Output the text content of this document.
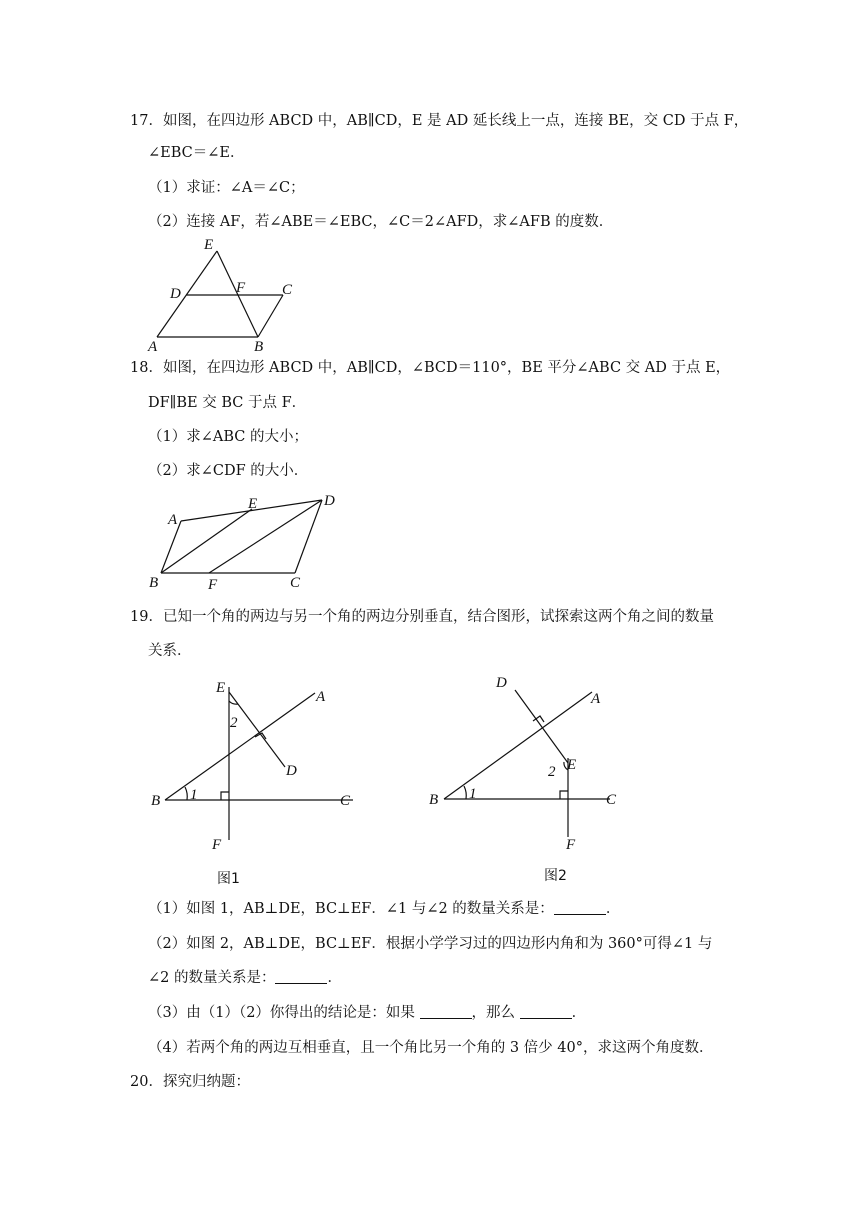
17．如图，在四边形 ABCD 中，AB∥CD，E 是 AD 延长线上一点，连接 BE，交 CD 于点 F，
∠EBC＝∠E．
（1）求证：∠A＝∠C；
（2）连接 AF，若∠ABE＝∠EBC，∠C＝2∠AFD，求∠AFB 的度数．
E
D	F C
A	B
18．如图，在四边形 ABCD 中，AB∥CD，∠BCD＝110°，BE 平分∠ABC 交 AD 于点 E，
DF∥BE 交 BC 于点 F．
（1）求∠ABC 的大小；
（2）求∠CDF 的大小．
A
E	D
B	F	C
19．已知一个角的两边与另一个角的两边分别垂直，结合图形，试探索这两个角之间的数量
关系．
E
A
D
B	C
F
1
2
图1
D
A
E
B	C
F
1
2
图2
（1）如图 1，AB⊥DE，BC⊥EF．∠1 与∠2 的数量关系是：	．
（2）如图 2，AB⊥DE，BC⊥EF．根据小学学习过的四边形内角和为 360°可得∠1 与
∠2 的数量关系是：	．
（3）由（1）（2）你得出的结论是：如果	，那么	．
（4）若两个角的两边互相垂直，且一个角比另一个角的 3 倍少 40°，求这两个角度数．
20．探究归纳题：
